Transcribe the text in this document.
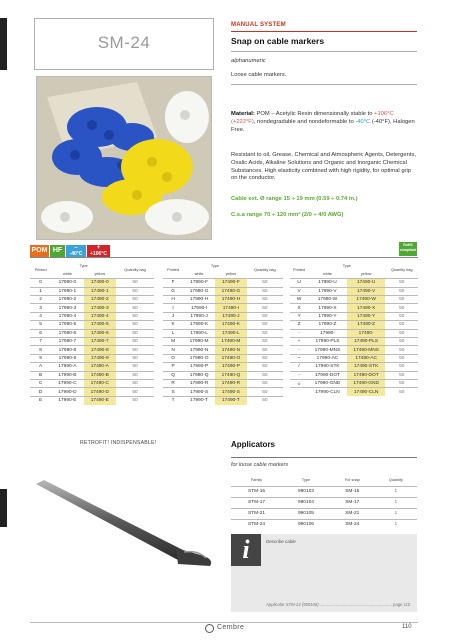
SM-24
MANUAL SYSTEM
Snap on cable markers
alphanumeric
Loose cable markers.
Material: POM – Acetylic Resin dimensionally stable to +106°C (+222°F), nondegradable and nondeformable to -40°C (-40°F), Halogen Free.
Resistant to oil, Grease, Chemical and Atmospheric Agents, Detergents, Oxalic Acids, Alkaline Solutions and Organic and Inorganic Chemical Substances. High elasticity combined with high rigidity, for optimal grip on the conductor.
Cable ext. Ø range 15 ÷ 19 mm (0.59 ÷ 0.74 in.)
C.s.a range 70 ÷ 120 mm² (2/0 ÷ 4/0 AWG)
POM HF	–
-40°C
+
+106°C
RoHS compliant
Printed	Type		Quantity bag
	white	yellow	
0	17990-0	17490-0	50
1	17990-1	17490-1	50
2	17990-2	17490-2	50
3	17990-3	17490-3	50
4	17990-4	17490-4	50
5	17990-5	17490-5	50
6	17990-6	17490-6	50
7	17990-7	17490-7	50
8	17990-8	17490-8	50
9	17990-9	17490-9	50
A	17990-A	17490-A	50
B	17990-B	17490-B	50
C	17990-C	17490-C	50
D	17990-D	17490-D	50
E	17990-E	17490-E	50
Printed	Type		Quantity bag
	white	yellow	
F	17990-F	17490-F	50
G	17990-G	17490-G	50
H	17990-H	17490-H	50
I	17990-I	17490-I	50
J	17990-J	17490-J	50
K	17990-K	17490-K	50
L	17990-L	17490-L	50
M	17990-M	17490-M	50
N	17990-N	17490-N	50
O	17990-O	17490-O	50
P	17990-P	17490-P	50
Q	17990-Q	17490-Q	50
R	17990-R	17490-R	50
S	17990-S	17490-S	50
T	17990-T	17490-T	50
Printed	Type		Quantity bag
	white	yellow	
U	17990-U	17490-U	50
V	17990-V	17490-V	50
W	17990-W	17490-W	50
X	17990-X	17490-X	50
Y	17990-Y	17490-Y	50
Z	17990-Z	17490-Z	50
-	17990-	17490-	50
+	17990-PLS	17490-PLS	50
-	17990-MNS	17490-MNS	50
~	17990-AC	17490-AC	50
/	17990-STK	17490-STK	50
-	17990-DOT	17490-DOT	50
⏚	17990-GND	17490-GND	50
	17990-CLN	17490-CLN	50
RETROFIT! INDISPENSABLE!	Applicators
for loose cable markers
Family	Type	For snap	Quantity
STM-15	990103	SM-15	1
STM-17	990104	SM-17	1
STM-21	990105	SM-21	1
STM-24	990106	SM-24	1
i	Describe cable
Applicator STM-24 (990106) .............................................................. page 110
Cembre	110
